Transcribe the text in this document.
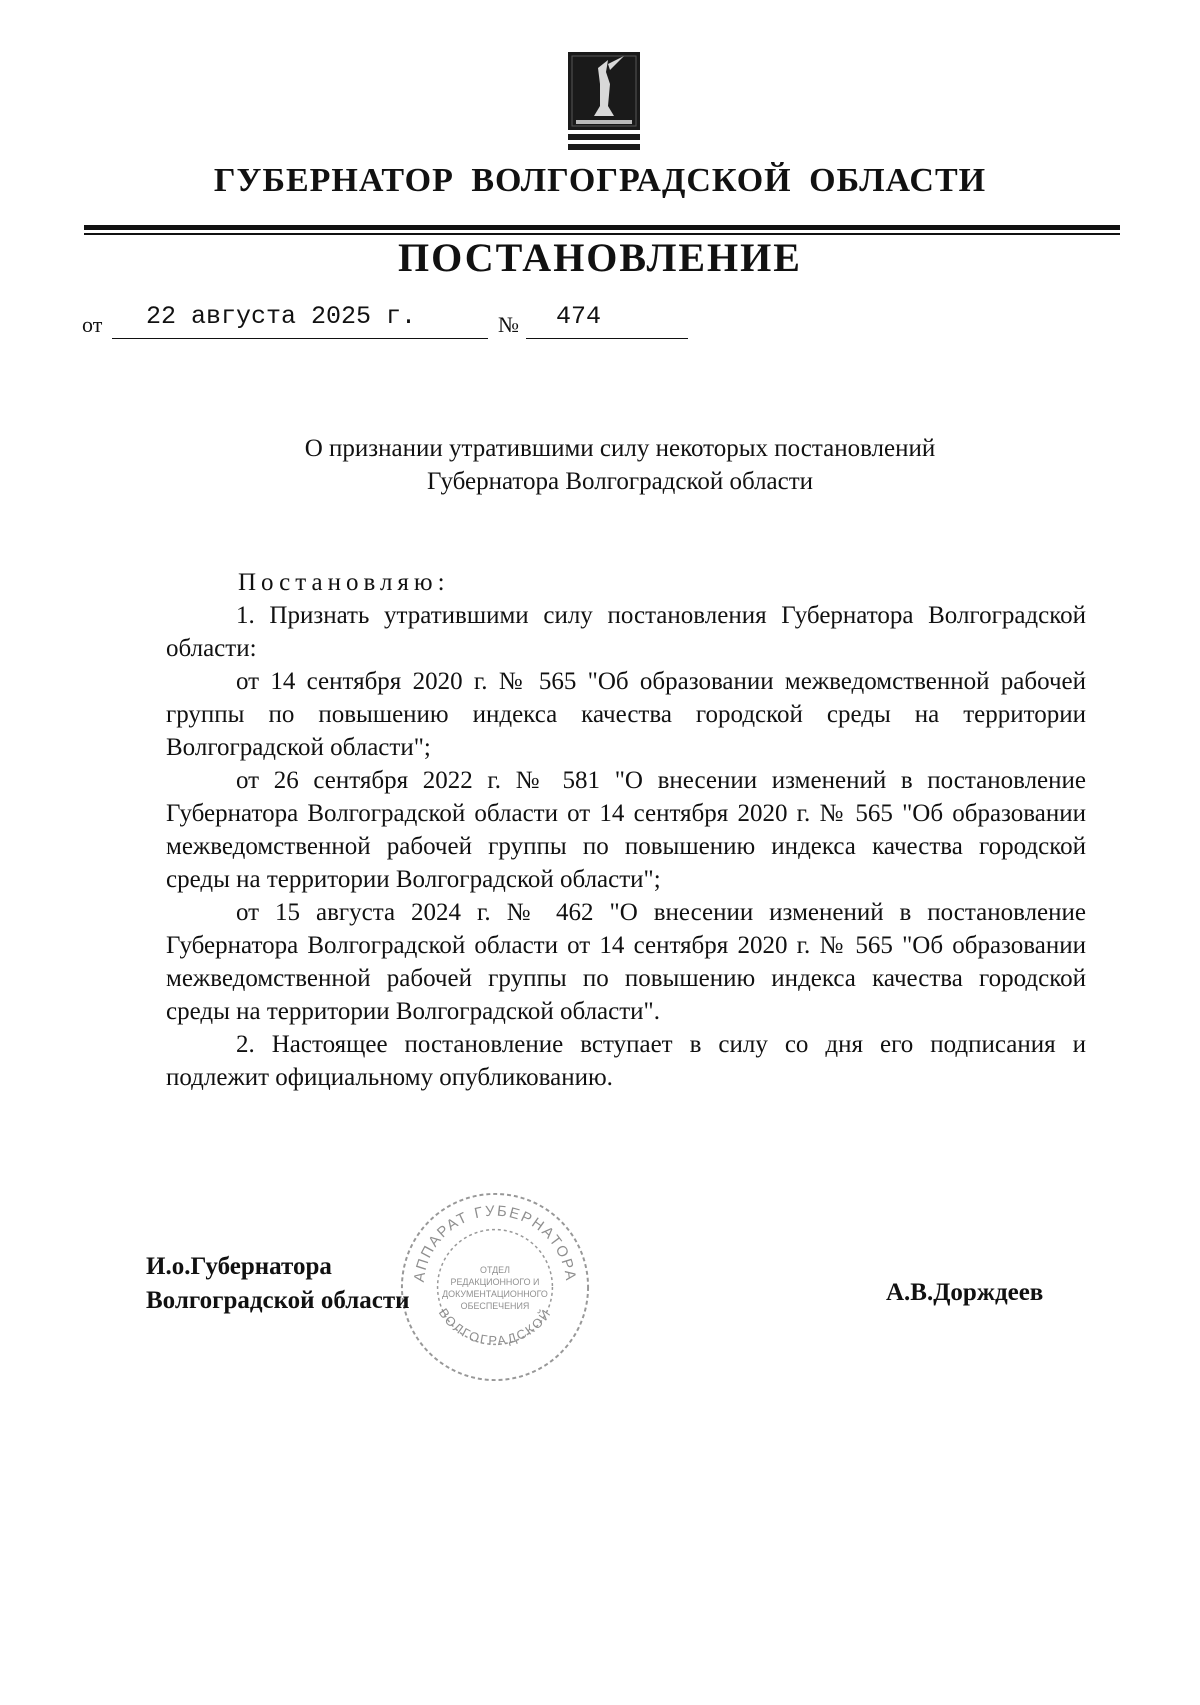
ГУБЕРНАТОР ВОЛГОГРАДСКОЙ ОБЛАСТИ
ПОСТАНОВЛЕНИЕ
от 22 августа 2025 г.	№ 474
О признании утратившими силу некоторых постановлений
Губернатора Волгоградской области

Постановляю:

1. Признать утратившими силу постановления Губернатора Волгоградской области:

от 14 сентября 2020 г. № 565 "Об образовании межведомственной рабочей группы по повышению индекса качества городской среды на территории Волгоградской области";

от 26 сентября 2022 г. № 581 "О внесении изменений в постановление Губернатора Волгоградской области от 14 сентября 2020 г. № 565 "Об образовании межведомственной рабочей группы по повышению индекса качества городской среды на территории Волгоградской области";

от 15 августа 2024 г. № 462 "О внесении изменений в постановление Губернатора Волгоградской области от 14 сентября 2020 г. № 565 "Об образовании межведомственной рабочей группы по повышению индекса качества городской среды на территории Волгоградской области".

2. Настоящее постановление вступает в силу со дня его подписания и подлежит официальному опубликованию.

АППАРАТ ГУБЕРНАТОРА
ВОЛГОГРАДСКОЙ
ОТДЕЛ
РЕДАКЦИОННОГО И
ДОКУМЕНТАЦИОННОГО
ОБЕСПЕЧЕНИЯ
И.о.Губернатора
Волгоградской области	А.В.Дорждеев
